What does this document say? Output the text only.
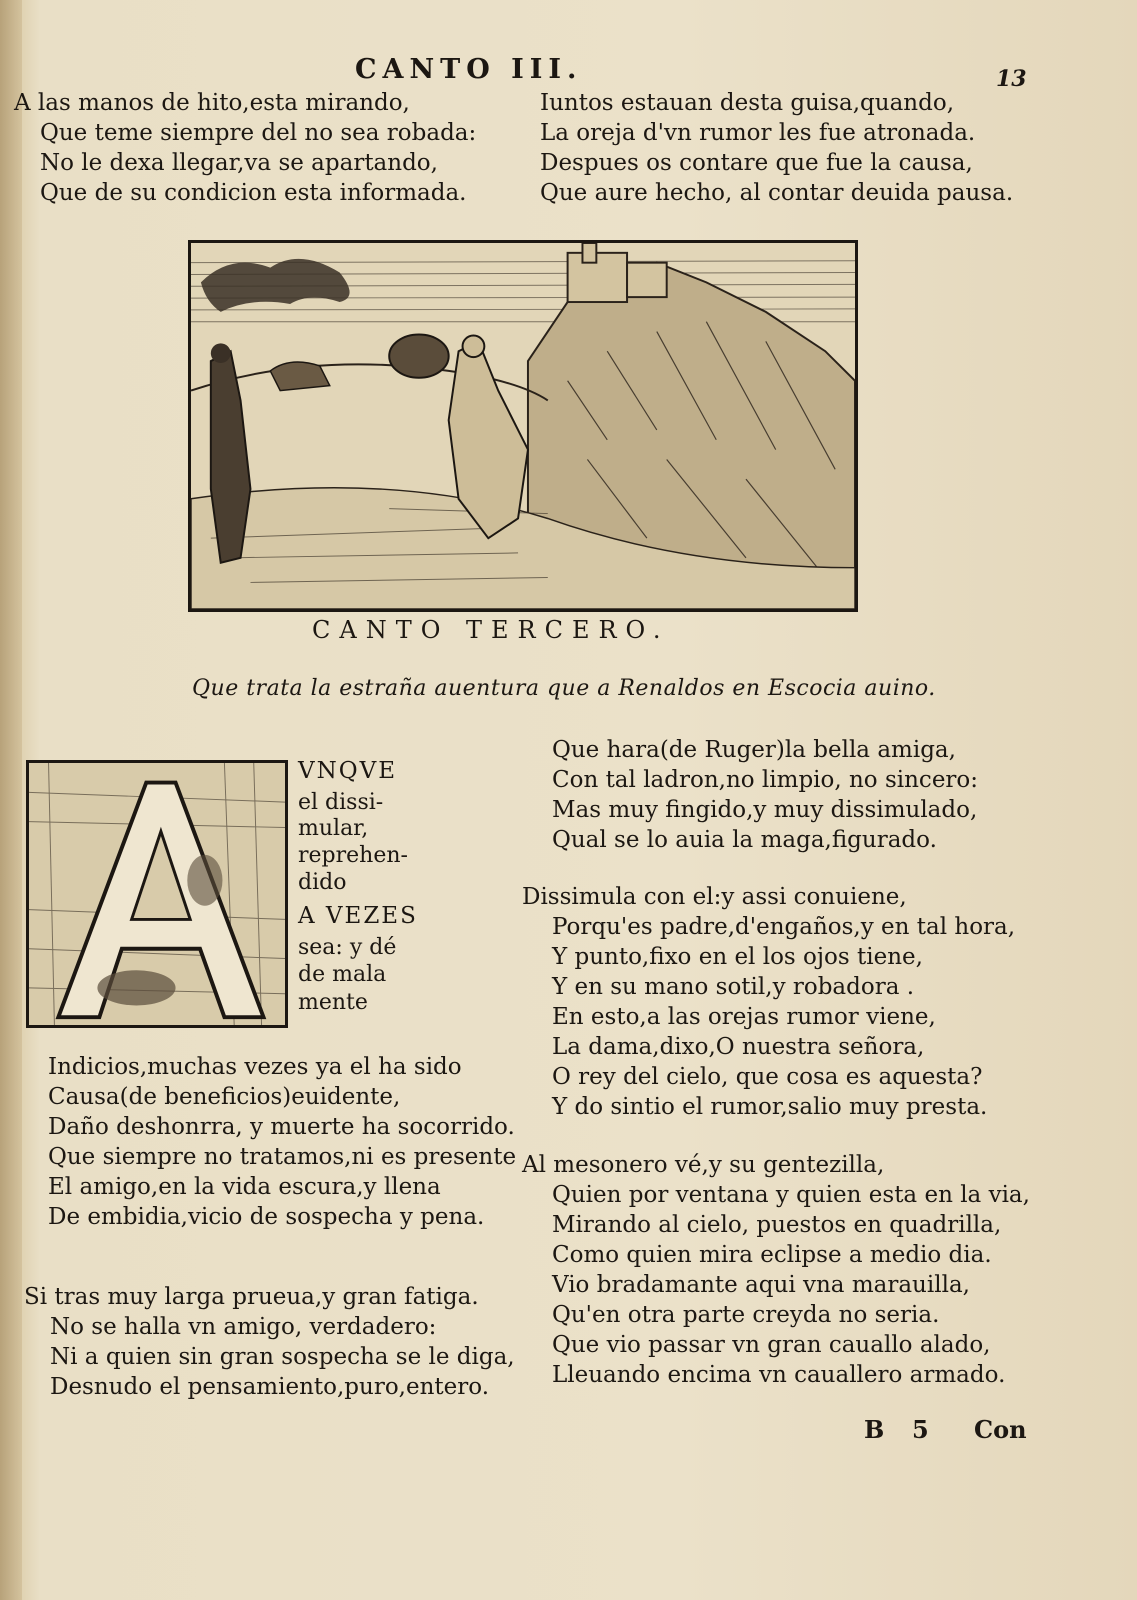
CANTO III.	13
A las manos de hito,esta mirando,
Que teme siempre del no sea robada:
No le dexa llegar,va se apartando,
Que de su condicion esta informada.
Iuntos estauan desta guisa,quando,
La oreja d'vn rumor les fue atronada.
Despues os contare que fue la causa,
Que aure hecho, al contar deuida pausa.
CANTO TERCERO.
Que trata la estraña auentura que a Renaldos en Escocia auino.
VNQVE
el dissi-
mular,
reprehen-
dido
A VEZES
sea: y dé
de mala
mente
Indicios,muchas vezes ya el ha sido
Causa(de beneficios)euidente,
Daño deshonrra, y muerte ha socorrido.
Que siempre no tratamos,ni es presente
El amigo,en la vida escura,y llena
De embidia,vicio de sospecha y pena.
Si tras muy larga prueua,y gran fatiga.
No se halla vn amigo, verdadero:
Ni a quien sin gran sospecha se le diga,
Desnudo el pensamiento,puro,entero.
Que hara(de Ruger)la bella amiga,
Con tal ladron,no limpio, no sincero:
Mas muy fingido,y muy dissimulado,
Qual se lo auia la maga,figurado.
Dissimula con el:y assi conuiene,
Porqu'es padre,d'engaños,y en tal hora,
Y punto,fixo en el los ojos tiene,
Y en su mano sotil,y robadora .
En esto,a las orejas rumor viene,
La dama,dixo,O nuestra señora,
O rey del cielo, que cosa es aquesta?
Y do sintio el rumor,salio muy presta.
Al mesonero vé,y su gentezilla,
Quien por ventana y quien esta en la via,
Mirando al cielo, puestos en quadrilla,
Como quien mira eclipse a medio dia.
Vio bradamante aqui vna marauilla,
Qu'en otra parte creyda no seria.
Que vio passar vn gran cauallo alado,
Lleuando encima vn cauallero armado.
B 5 Con
